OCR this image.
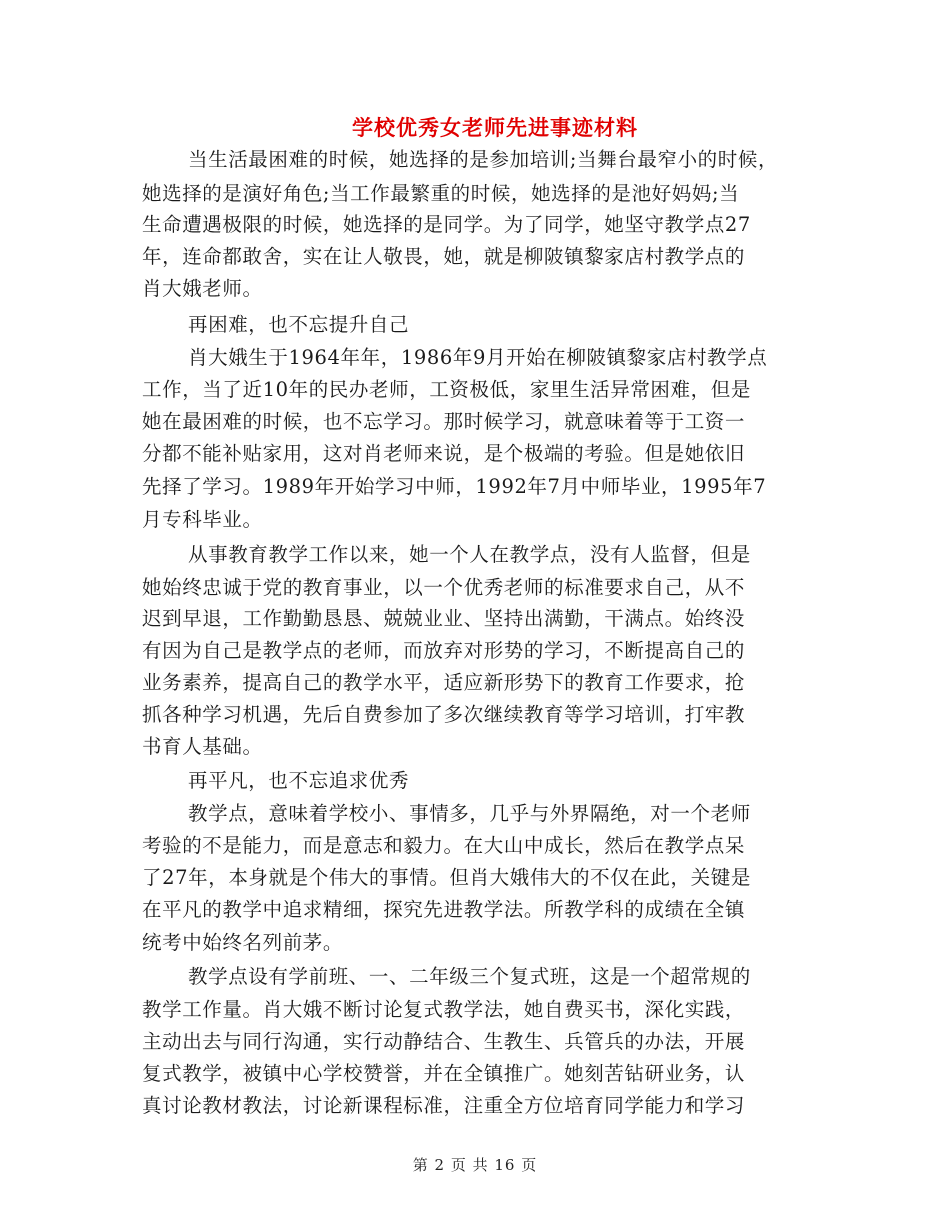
学校优秀女老师先进事迹材料
当生活最困难的时候，她选择的是参加培训;当舞台最窄小的时候，
她选择的是演好角色;当工作最繁重的时候，她选择的是池好妈妈;当
生命遭遇极限的时候，她选择的是同学。为了同学，她坚守教学点27
年，连命都敢舍，实在让人敬畏，她，就是柳陂镇黎家店村教学点的
肖大娥老师。
再困难，也不忘提升自己
肖大娥生于1964年年，1986年9月开始在柳陂镇黎家店村教学点
工作，当了近10年的民办老师，工资极低，家里生活异常困难，但是
她在最困难的时候，也不忘学习。那时候学习，就意味着等于工资一
分都不能补贴家用，这对肖老师来说，是个极端的考验。但是她依旧
先择了学习。1989年开始学习中师，1992年7月中师毕业，1995年7
月专科毕业。
从事教育教学工作以来，她一个人在教学点，没有人监督，但是
她始终忠诚于党的教育事业，以一个优秀老师的标准要求自己，从不
迟到早退，工作勤勤恳恳、兢兢业业、坚持出满勤，干满点。始终没
有因为自己是教学点的老师，而放弃对形势的学习，不断提高自己的
业务素养，提高自己的教学水平，适应新形势下的教育工作要求，抢
抓各种学习机遇，先后自费参加了多次继续教育等学习培训，打牢教
书育人基础。
再平凡，也不忘追求优秀
教学点，意味着学校小、事情多，几乎与外界隔绝，对一个老师
考验的不是能力，而是意志和毅力。在大山中成长，然后在教学点呆
了27年，本身就是个伟大的事情。但肖大娥伟大的不仅在此，关键是
在平凡的教学中追求精细，探究先进教学法。所教学科的成绩在全镇
统考中始终名列前茅。
教学点设有学前班、一、二年级三个复式班，这是一个超常规的
教学工作量。肖大娥不断讨论复式教学法，她自费买书，深化实践，
主动出去与同行沟通，实行动静结合、生教生、兵管兵的办法，开展
复式教学，被镇中心学校赞誉，并在全镇推广。她刻苦钻研业务，认
真讨论教材教法，讨论新课程标准，注重全方位培育同学能力和学习
第 2 页 共 16 页
